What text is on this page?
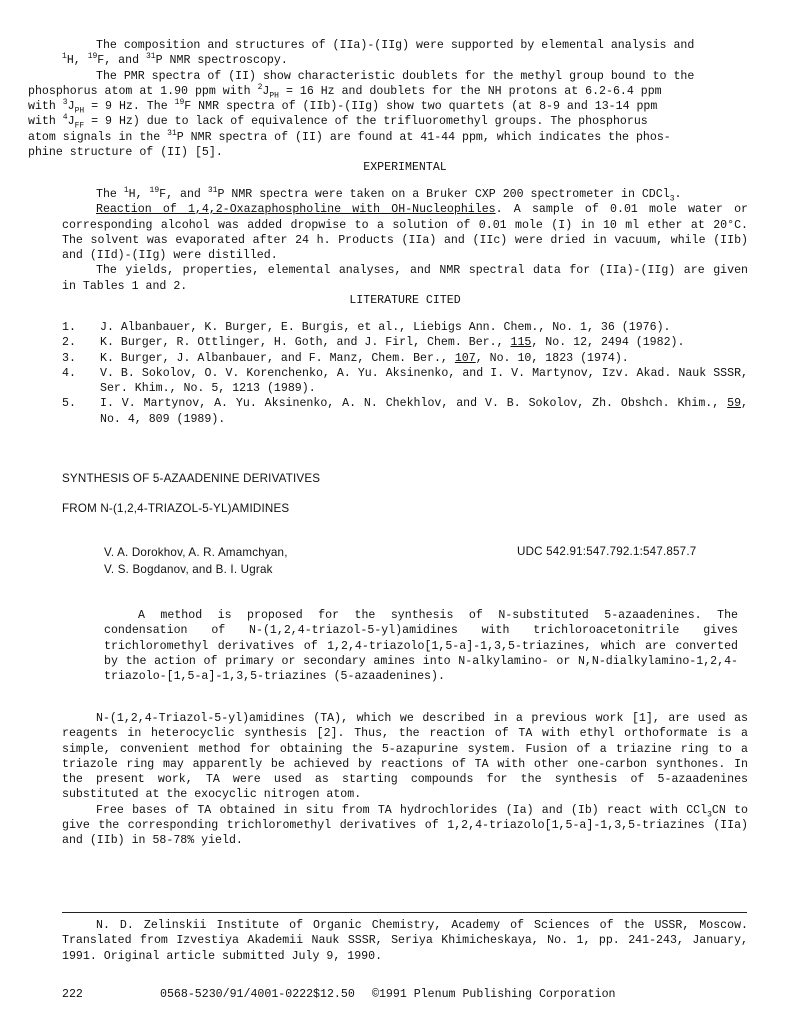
The composition and structures of (IIa)-(IIg) were supported by elemental analysis and
$^1$H, $^{19}$F, and $^{31}$P NMR spectroscopy.

The PMR spectra of (II) show characteristic doublets for the methyl group bound to the
phosphorus atom at 1.90 ppm with $^2J_{PH} = 16$ Hz and doublets for the NH protons at 6.2-6.4 ppm
with $^3J_{PH} = 9$ Hz. The $^{19}$F NMR spectra of (IIb)-(IIg) show two quartets (at 8-9 and 13-14 ppm
with $^4J_{FF} = 9$ Hz) due to lack of equivalence of the trifluoromethyl groups. The phosphorus
atom signals in the $^{31}$P NMR spectra of (II) are found at 41-44 ppm, which indicates the phos-
phine structure of (II) [5].

EXPERIMENTAL

The $^1$H, $^{19}$F, and $^{31}$P NMR spectra were taken on a Bruker CXP 200 spectrometer in CDCl$_3$.

Reaction of 1,4,2-Oxazaphospholine with OH-Nucleophiles. A sample of 0.01 mole water or corresponding alcohol was added dropwise to a solution of 0.01 mole (I) in 10 ml ether at 20°C. The solvent was evaporated after 24 h. Products (IIa) and (IIc) were dried in vacuum, while (IIb) and (IId)-(IIg) were distilled.

The yields, properties, elemental analyses, and NMR spectral data for (IIa)-(IIg) are given in Tables 1 and 2.

LITERATURE CITED
1.	J. Albanbauer, K. Burger, E. Burgis, et al., Liebigs Ann. Chem., No. 1, 36 (1976).
2.	K. Burger, R. Ottlinger, H. Goth, and J. Firl, Chem. Ber., 115, No. 12, 2494 (1982).
3.	K. Burger, J. Albanbauer, and F. Manz, Chem. Ber., 107, No. 10, 1823 (1974).
4.	V. B. Sokolov, O. V. Korenchenko, A. Yu. Aksinenko, and I. V. Martynov, Izv. Akad. Nauk SSSR, Ser. Khim., No. 5, 1213 (1989).
5.	I. V. Martynov, A. Yu. Aksinenko, A. N. Chekhlov, and V. B. Sokolov, Zh. Obshch. Khim., 59, No. 4, 809 (1989).
SYNTHESIS OF 5-AZAADENINE DERIVATIVES
FROM N-(1,2,4-TRIAZOL-5-YL)AMIDINES
V. A. Dorokhov, A. R. Amamchyan,
V. S. Bogdanov, and B. I. Ugrak
UDC 542.91:547.792.1:547.857.7

A method is proposed for the synthesis of N-substituted 5-azaadenines. The condensation of N-(1,2,4-triazol-5-yl)amidines with trichloroacetonitrile gives trichloromethyl derivatives of 1,2,4-triazolo[1,5-a]-1,3,5-triazines, which are converted by the action of primary or secondary amines into N-alkylamino- or N,N-dialkylamino-1,2,4-triazolo-[1,5-a]-1,3,5-triazines (5-azaadenines).

N-(1,2,4-Triazol-5-yl)amidines (TA), which we described in a previous work [1], are used as reagents in heterocyclic synthesis [2]. Thus, the reaction of TA with ethyl orthoformate is a simple, convenient method for obtaining the 5-azapurine system. Fusion of a triazine ring to a triazole ring may apparently be achieved by reactions of TA with other one-carbon synthones. In the present work, TA were used as starting compounds for the synthesis of 5-azaadenines substituted at the exocyclic nitrogen atom.

Free bases of TA obtained in situ from TA hydrochlorides (Ia) and (Ib) react with CCl$_3$CN to give the corresponding trichloromethyl derivatives of 1,2,4-triazolo[1,5-a]-1,3,5-triazines (IIa) and (IIb) in 58-78% yield.

N. D. Zelinskii Institute of Organic Chemistry, Academy of Sciences of the USSR, Moscow. Translated from Izvestiya Akademii Nauk SSSR, Seriya Khimicheskaya, No. 1, pp. 241-243, January, 1991. Original article submitted July 9, 1990.

222	0568-5230/91/4001-0222$12.50 ©1991 Plenum Publishing Corporation
